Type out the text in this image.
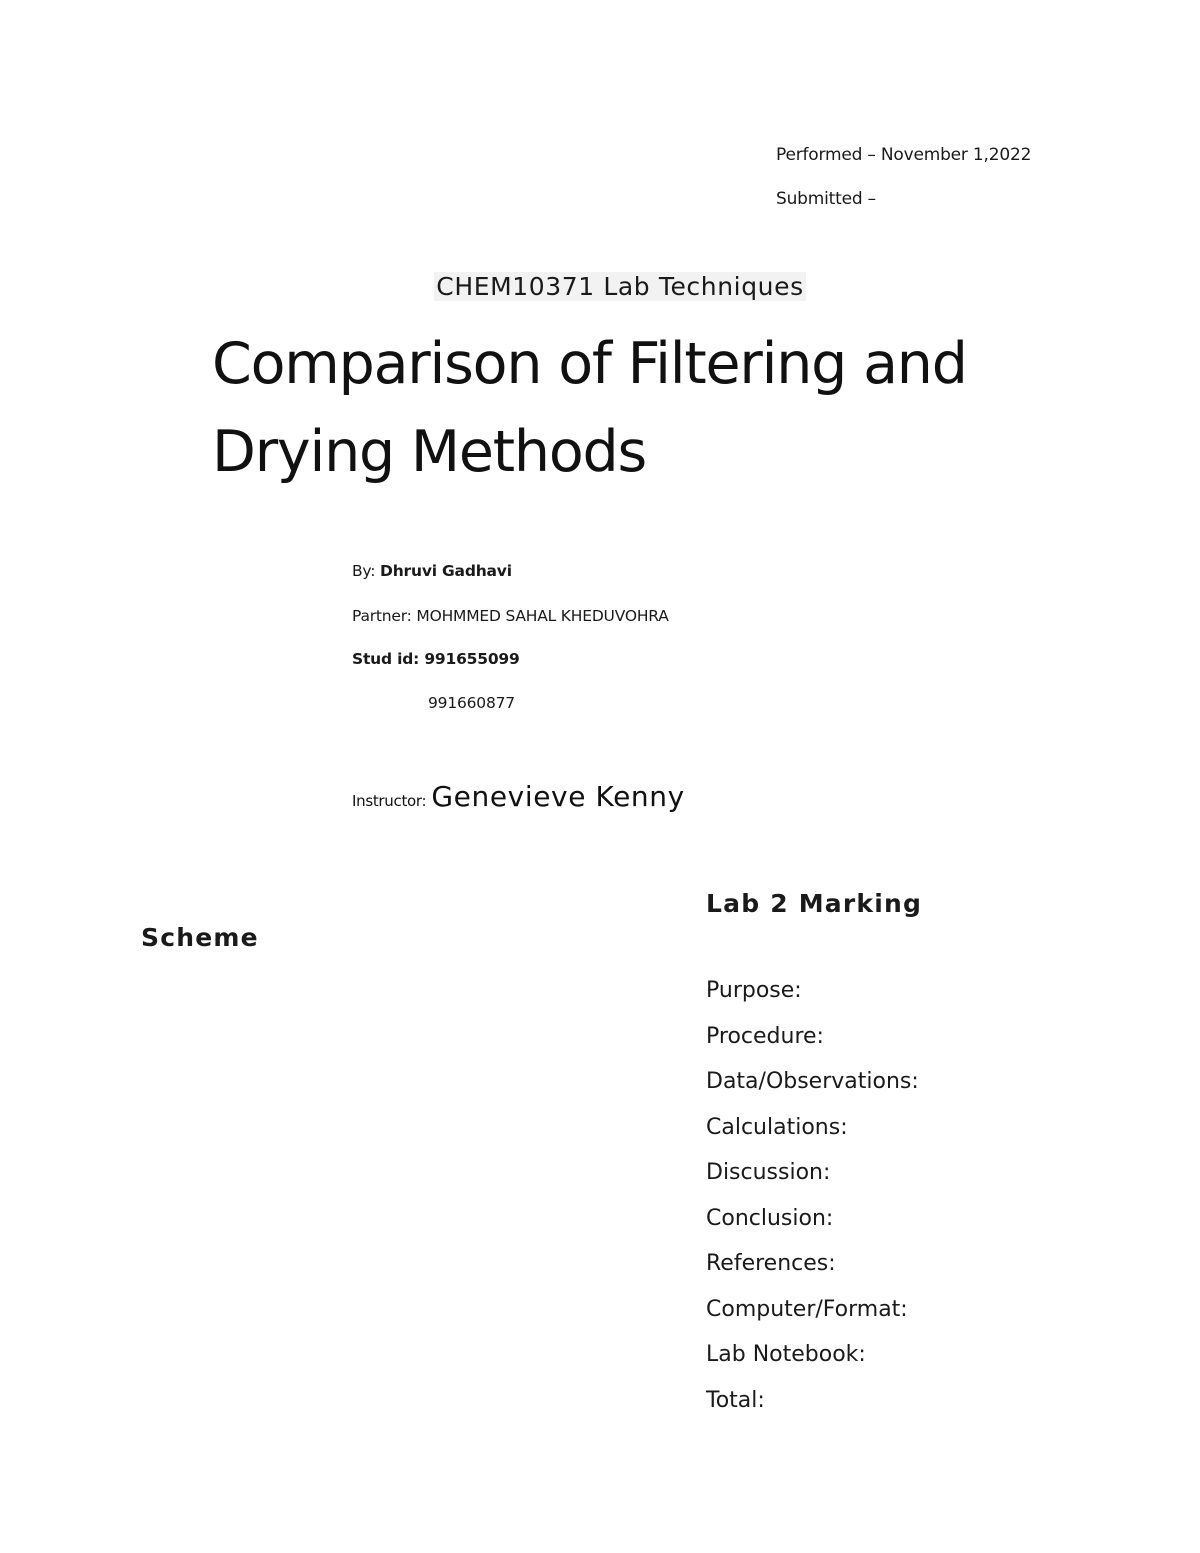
Performed – November 1,2022
Submitted –
CHEM10371 Lab Techniques
Comparison of Filtering and
Drying Methods
By: Dhruvi Gadhavi
Partner: MOHMMED SAHAL KHEDUVOHRA
Stud id: 991655099
991660877
Instructor: Genevieve Kenny
Lab 2 Marking
Scheme
Purpose:
Procedure:
Data/Observations:
Calculations:
Discussion:
Conclusion:
References:
Computer/Format:
Lab Notebook:
Total:
